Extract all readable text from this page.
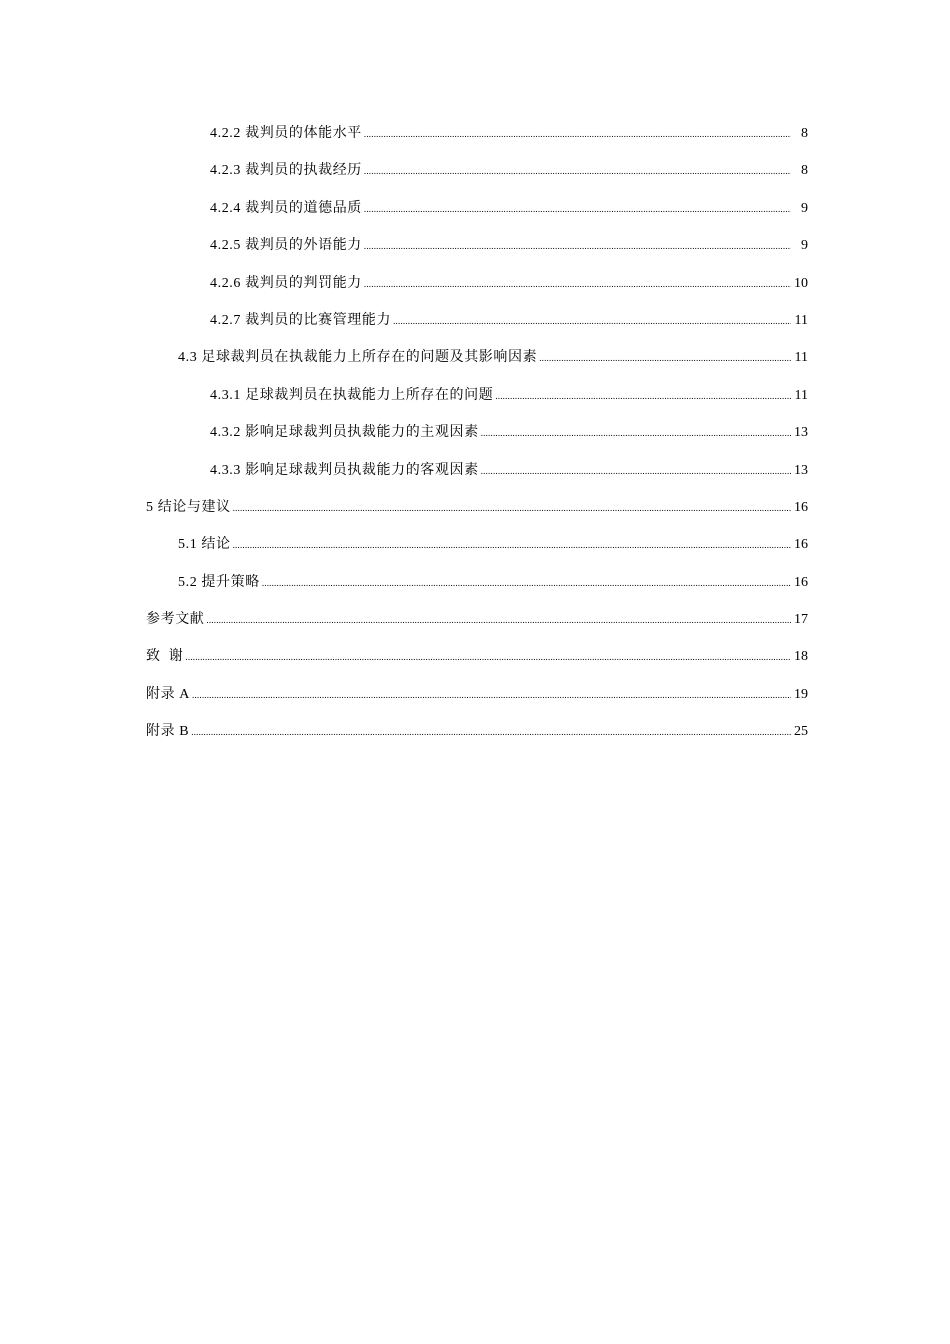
4.2.2 裁判员的体能水平 .....	8
4.2.3 裁判员的执裁经历 .....	8
4.2.4 裁判员的道德品质 .....	9
4.2.5 裁判员的外语能力 .....	9
4.2.6 裁判员的判罚能力 .....	10
4.2.7 裁判员的比赛管理能力 .....	11
4.3 足球裁判员在执裁能力上所存在的问题及其影响因素 .....	11
4.3.1 足球裁判员在执裁能力上所存在的问题 .....	11
4.3.2 影响足球裁判员执裁能力的主观因素 .....	13
4.3.3 影响足球裁判员执裁能力的客观因素 .....	13
5 结论与建议 .....	16
5.1 结论 .....	16
5.2 提升策略 .....	16
参考文献 .....	17
致  谢 .....	18
附录 A .....	19
附录 B .....	25
